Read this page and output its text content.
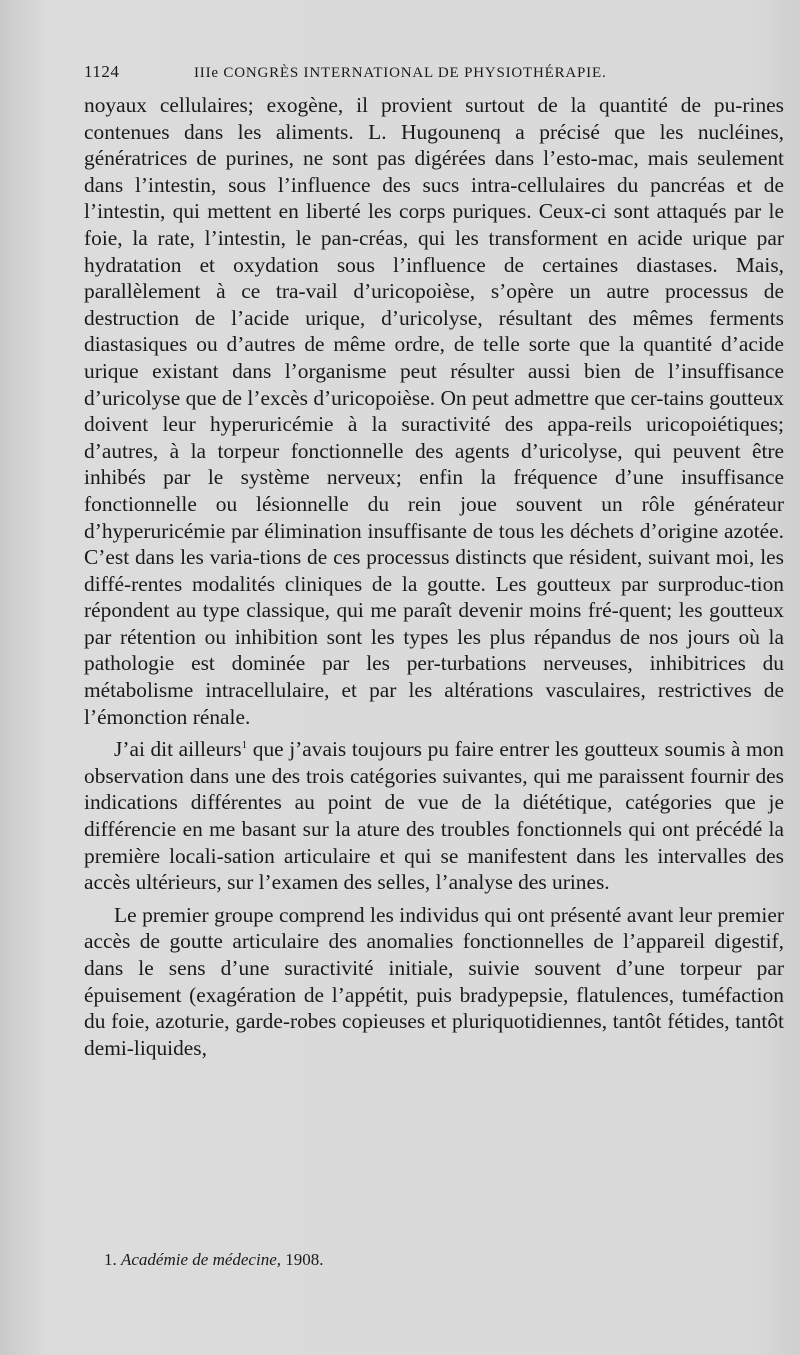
1124	IIIe CONGRÈS INTERNATIONAL DE PHYSIOTHÉRAPIE.

noyaux cellulaires; exogène, il provient surtout de la quantité de pu-rines contenues dans les aliments. L. Hugounenq a précisé que les nucléines, génératrices de purines, ne sont pas digérées dans l’esto-mac, mais seulement dans l’intestin, sous l’influence des sucs intra-cellulaires du pancréas et de l’intestin, qui mettent en liberté les corps puriques. Ceux-ci sont attaqués par le foie, la rate, l’intestin, le pan-créas, qui les transforment en acide urique par hydratation et oxydation sous l’influence de certaines diastases. Mais, parallèlement à ce tra-vail d’uricopoièse, s’opère un autre processus de destruction de l’acide urique, d’uricolyse, résultant des mêmes ferments diastasiques ou d’autres de même ordre, de telle sorte que la quantité d’acide urique existant dans l’organisme peut résulter aussi bien de l’insuffisance d’uricolyse que de l’excès d’uricopoièse. On peut admettre que cer-tains goutteux doivent leur hyperuricémie à la suractivité des appa-reils uricopoiétiques; d’autres, à la torpeur fonctionnelle des agents d’uricolyse, qui peuvent être inhibés par le système nerveux; enfin la fréquence d’une insuffisance fonctionnelle ou lésionnelle du rein joue souvent un rôle générateur d’hyperuricémie par élimination insuffisante de tous les déchets d’origine azotée. C’est dans les varia-tions de ces processus distincts que résident, suivant moi, les diffé-rentes modalités cliniques de la goutte. Les goutteux par surproduc-tion répondent au type classique, qui me paraît devenir moins fré-quent; les goutteux par rétention ou inhibition sont les types les plus répandus de nos jours où la pathologie est dominée par les per-turbations nerveuses, inhibitrices du métabolisme intracellulaire, et par les altérations vasculaires, restrictives de l’émonction rénale.

J’ai dit ailleurs$^1$ que j’avais toujours pu faire entrer les goutteux soumis à mon observation dans une des trois catégories suivantes, qui me paraissent fournir des indications différentes au point de vue de la diététique, catégories que je différencie en me basant sur la ature des troubles fonctionnels qui ont précédé la première locali-sation articulaire et qui se manifestent dans les intervalles des accès ultérieurs, sur l’examen des selles, l’analyse des urines.

Le premier groupe comprend les individus qui ont présenté avant leur premier accès de goutte articulaire des anomalies fonctionnelles de l’appareil digestif, dans le sens d’une suractivité initiale, suivie souvent d’une torpeur par épuisement (exagération de l’appétit, puis bradypepsie, flatulences, tuméfaction du foie, azoturie, garde-robes copieuses et pluriquotidiennes, tantôt fétides, tantôt demi-liquides,

1. Académie de médecine, 1908.
